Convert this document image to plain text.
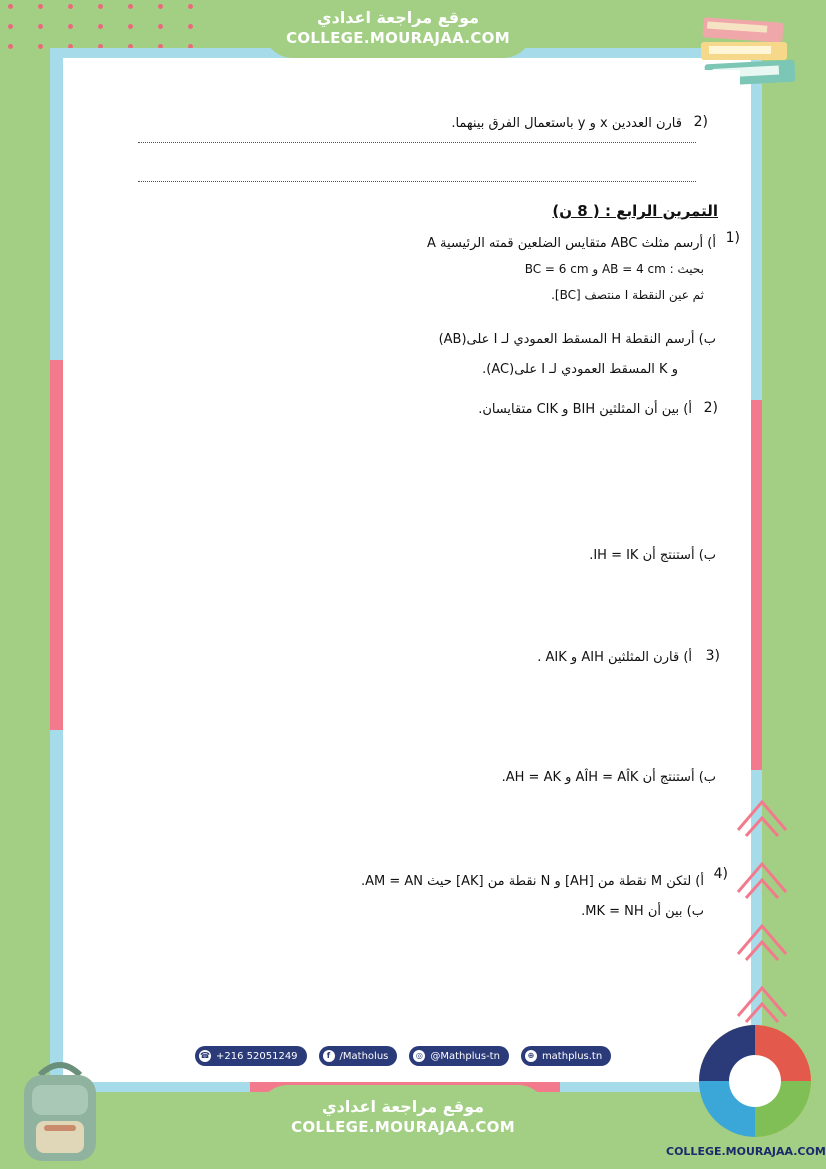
موقع مراجعة اعدادي
COLLEGE.MOURAJAA.COM
موقع مراجعة اعدادي
COLLEGE.MOURAJAA.COM
2)
قارن العددين x و y باستعمال الفرق بينهما.
التمرين الرابع : ( 8 ن)
1)
أ) أرسم مثلث ABC متقايس الضلعين قمته الرئيسية A
بحيث : AB = 4 cm و BC = 6 cm
ثم عين النقطة I منتصف [BC].
ب) أرسم النقطة H المسقط العمودي لـ I على(AB)
و K المسقط العمودي لـ I على(AC).
2)
أ) بين أن المثلثين BIH و CIK متقايسان.
ب) أستنتج أن IH = IK.
3)
أ) قارن المثلثين AIH و AIK .
ب) أستنتج أن AÎH = AÎK و AH = AK.
4)
أ) لتكن M نقطة من [AH] و N نقطة من [AK] حيث AM = AN.
ب) بين أن MK = NH.
☎ +216 52051249	f /Matholus	◎ @Mathplus-tn	⊕ mathplus.tn
COLLEGE.MOURAJAA.COM
